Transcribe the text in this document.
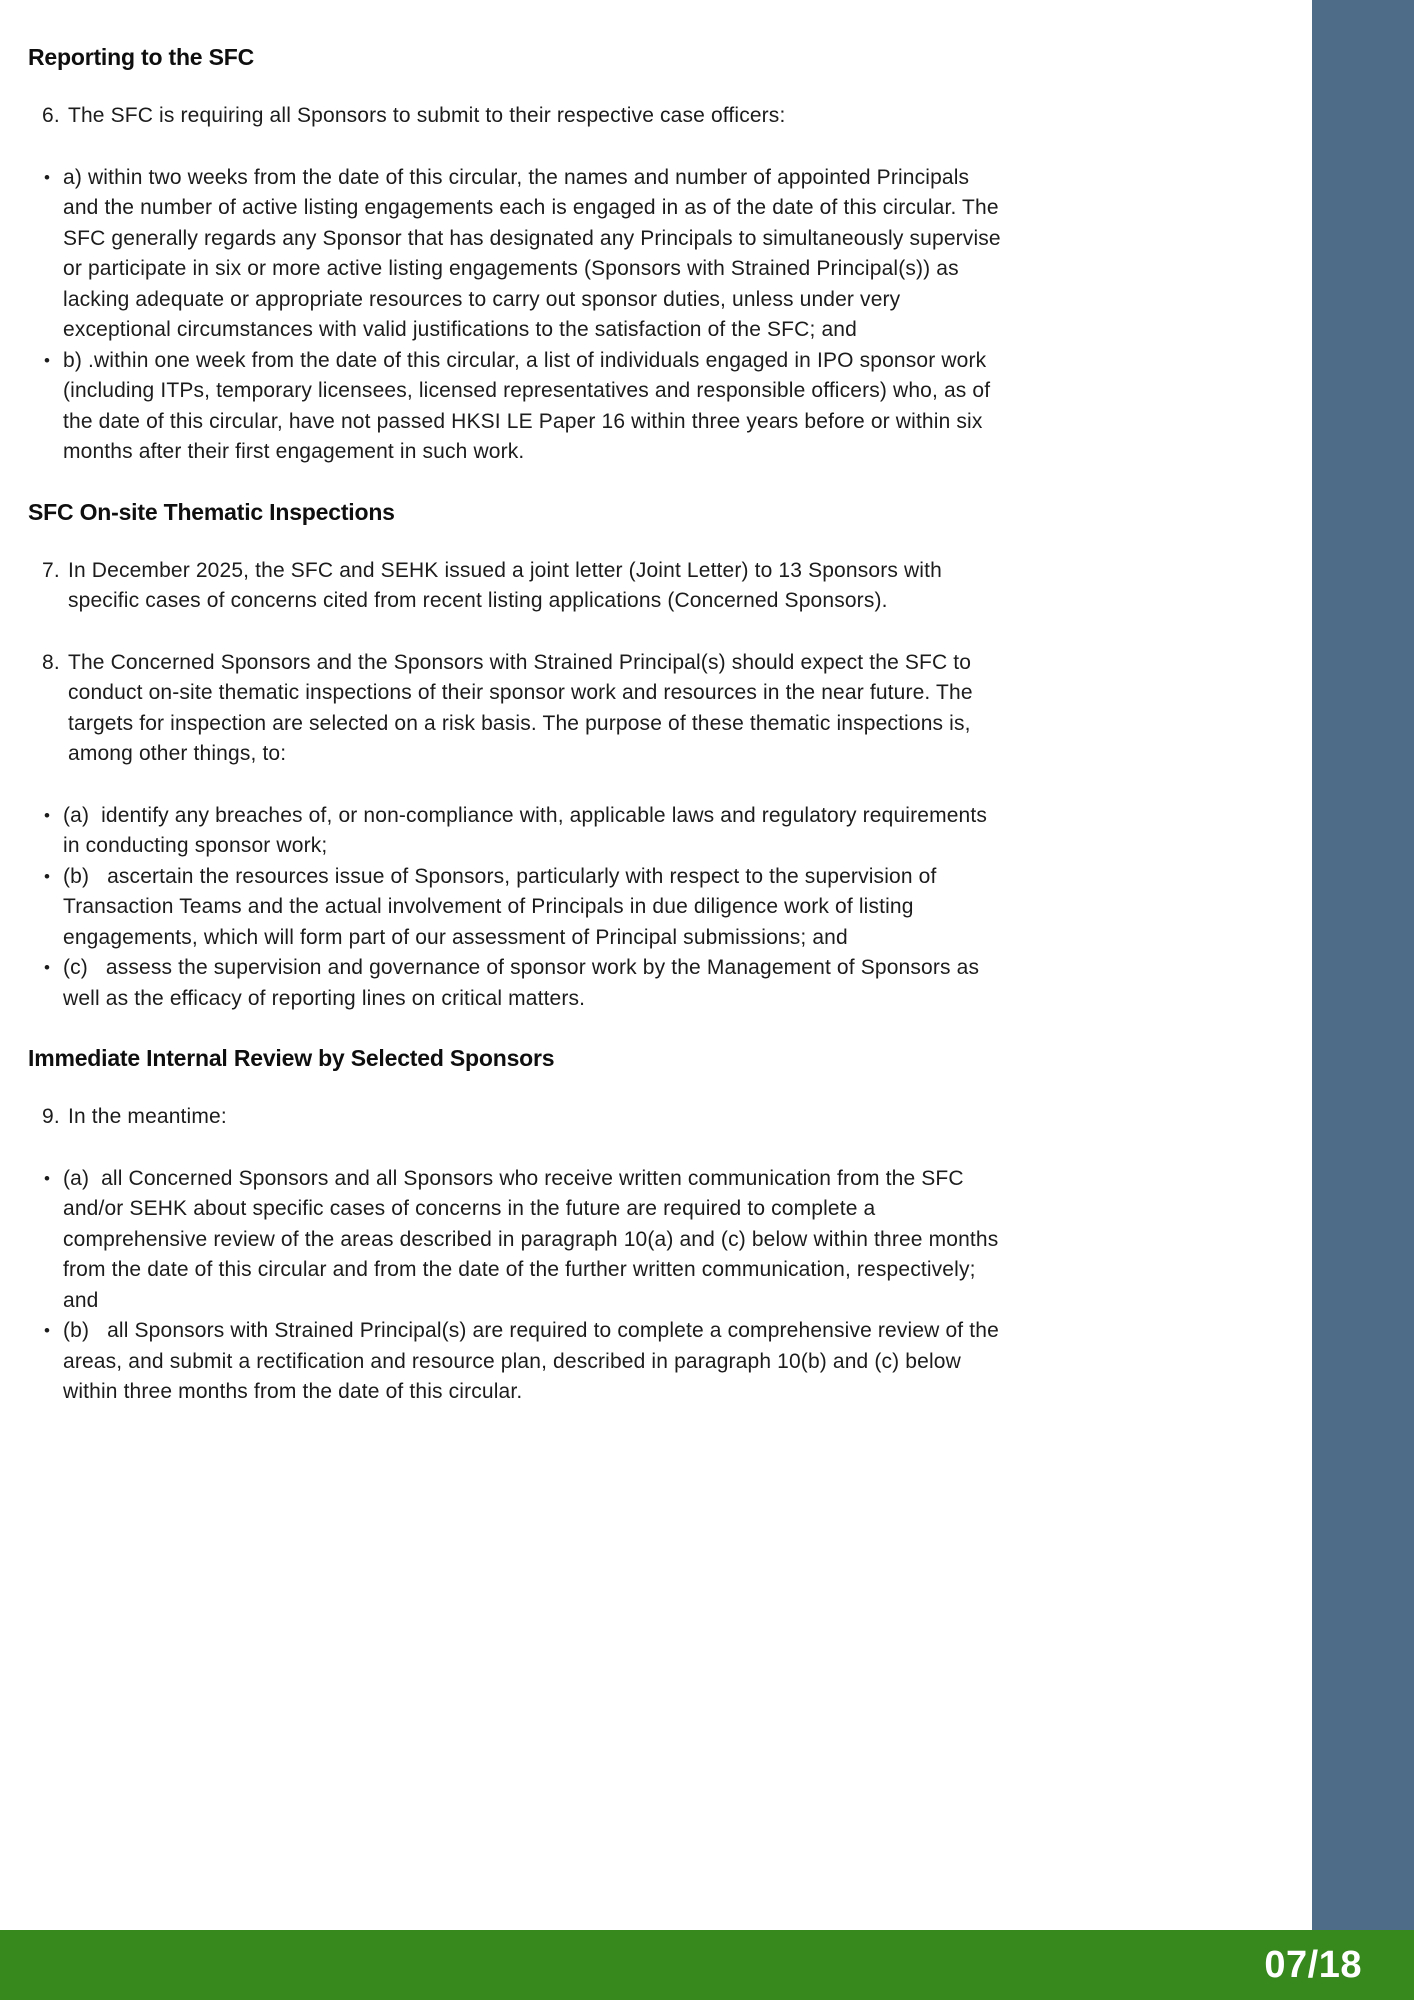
Reporting to the SFC
6. The SFC is requiring all Sponsors to submit to their respective case officers:

• a) within two weeks from the date of this circular, the names and number of appointed Principals and the number of active listing engagements each is engaged in as of the date of this circular. The SFC generally regards any Sponsor that has designated any Principals to simultaneously supervise or participate in six or more active listing engagements (Sponsors with Strained Principal(s)) as lacking adequate or appropriate resources to carry out sponsor duties, unless under very exceptional circumstances with valid justifications to the satisfaction of the SFC; and

• b) .within one week from the date of this circular, a list of individuals engaged in IPO sponsor work (including ITPs, temporary licensees, licensed representatives and responsible officers) who, as of the date of this circular, have not passed HKSI LE Paper 16 within three years before or within six months after their first engagement in such work.

SFC On-site Thematic Inspections
7. In December 2025, the SFC and SEHK issued a joint letter (Joint Letter) to 13 Sponsors with specific cases of concerns cited from recent listing applications (Concerned Sponsors).

8. The Concerned Sponsors and the Sponsors with Strained Principal(s) should expect the SFC to conduct on-site thematic inspections of their sponsor work and resources in the near future. The targets for inspection are selected on a risk basis. The purpose of these thematic inspections is, among other things, to:

• (a)  identify any breaches of, or non-compliance with, applicable laws and regulatory requirements in conducting sponsor work;

• (b)   ascertain the resources issue of Sponsors, particularly with respect to the supervision of Transaction Teams and the actual involvement of Principals in due diligence work of listing engagements, which will form part of our assessment of Principal submissions; and

• (c)   assess the supervision and governance of sponsor work by the Management of Sponsors as well as the efficacy of reporting lines on critical matters.

Immediate Internal Review by Selected Sponsors
9. In the meantime:

• (a)  all Concerned Sponsors and all Sponsors who receive written communication from the SFC and/or SEHK about specific cases of concerns in the future are required to complete a comprehensive review of the areas described in paragraph 10(a) and (c) below within three months from the date of this circular and from the date of the further written communication, respectively; and

• (b)   all Sponsors with Strained Principal(s) are required to complete a comprehensive review of the areas, and submit a rectification and resource plan, described in paragraph 10(b) and (c) below within three months from the date of this circular.

07/18
